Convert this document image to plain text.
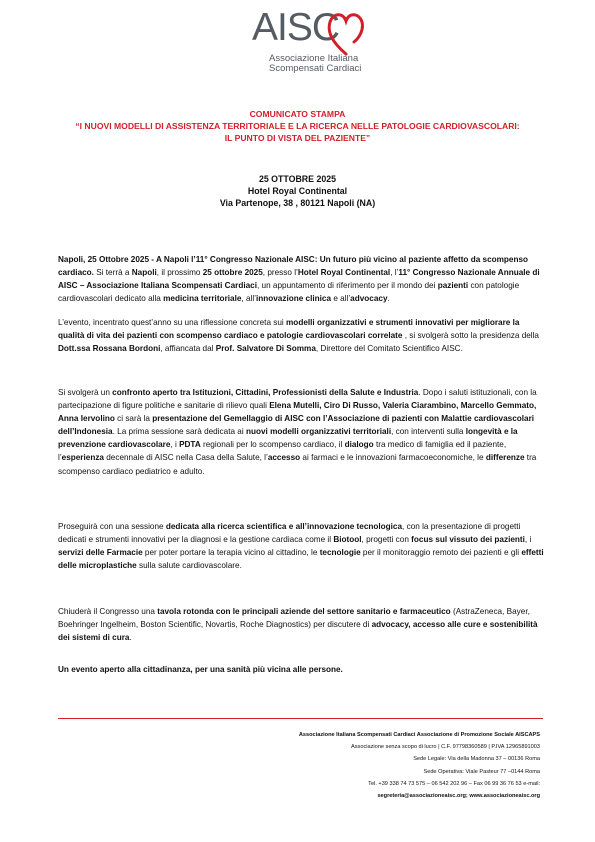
AISC
Associazione Italiana
Scompensati Cardiaci
COMUNICATO STAMPA
“I NUOVI MODELLI DI ASSISTENZA TERRITORIALE E LA RICERCA NELLE PATOLOGIE CARDIOVASCOLARI:
IL PUNTO DI VISTA DEL PAZIENTE”
25 OTTOBRE 2025
Hotel Royal Continental
Via Partenope, 38 , 80121 Napoli (NA)
Napoli, 25 Ottobre 2025 - A Napoli l’11° Congresso Nazionale AISC: Un futuro più vicino al paziente affetto da scompenso cardiaco. Si terrà a Napoli, il prossimo 25 ottobre 2025, presso l’Hotel Royal Continental, l’11° Congresso Nazionale Annuale di AISC – Associazione Italiana Scompensati Cardiaci, un appuntamento di riferimento per il mondo dei pazienti con patologie cardiovascolari dedicato alla medicina territoriale, all’innovazione clinica e all’advocacy.
L’evento, incentrato quest’anno su una riflessione concreta sui modelli organizzativi e strumenti innovativi per migliorare la qualità di vita dei pazienti con scompenso cardiaco e patologie cardiovascolari correlate , si svolgerà sotto la presidenza della Dott.ssa Rossana Bordoni, affiancata dal Prof. Salvatore Di Somma, Direttore del Comitato Scientifico AISC.
Si svolgerà un confronto aperto tra Istituzioni, Cittadini, Professionisti della Salute e Industria. Dopo i saluti istituzionali, con la partecipazione di figure politiche e sanitarie di rilievo quali Elena Mutelli, Ciro Di Russo, Valeria Ciarambino, Marcello Gemmato, Anna Iervolino ci sarà la presentazione del Gemellaggio di AISC con l’Associazione di pazienti con Malattie cardiovascolari dell’Indonesia. La prima sessione sarà dedicata ai nuovi modelli organizzativi territoriali, con interventi sulla longevità e la prevenzione cardiovascolare, i PDTA regionali per lo scompenso cardiaco, il dialogo tra medico di famiglia ed il paziente, l’esperienza decennale di AISC nella Casa della Salute, l’accesso ai farmaci e le innovazioni farmacoeconomiche, le differenze tra scompenso cardiaco pediatrico e adulto.
Proseguirà con una sessione dedicata alla ricerca scientifica e all’innovazione tecnologica, con la presentazione di progetti dedicati e strumenti innovativi per la diagnosi e la gestione cardiaca come il Biotool, progetti con focus sul vissuto dei pazienti, i servizi delle Farmacie per poter portare la terapia vicino al cittadino, le tecnologie per il monitoraggio remoto dei pazienti e gli effetti delle microplastiche sulla salute cardiovascolare.
Chiuderà il Congresso una tavola rotonda con le principali aziende del settore sanitario e farmaceutico (AstraZeneca, Bayer, Boehringer Ingelheim, Boston Scientific, Novartis, Roche Diagnostics) per discutere di advocacy, accesso alle cure e sostenibilità dei sistemi di cura.
Un evento aperto alla cittadinanza, per una sanità più vicina alle persone.
Associazione Italiana Scompensati Cardiaci Associazione di Promozione Sociale AISCAPS
Associazione senza scopo di lucro | C.F. 97798360589 | P.IVA 12965891003
Sede Legale: Via della Madonna 37 – 00136 Roma
Sede Operativa: Viale Pasteur 77 –0144 Roma
Tel. +39 338 74 73 575 – 06 542 202 96 – Fax 06 99 36 76 53 e-mail:
segreteria@associazioneaisc.org; www.associazioneaisc.org
